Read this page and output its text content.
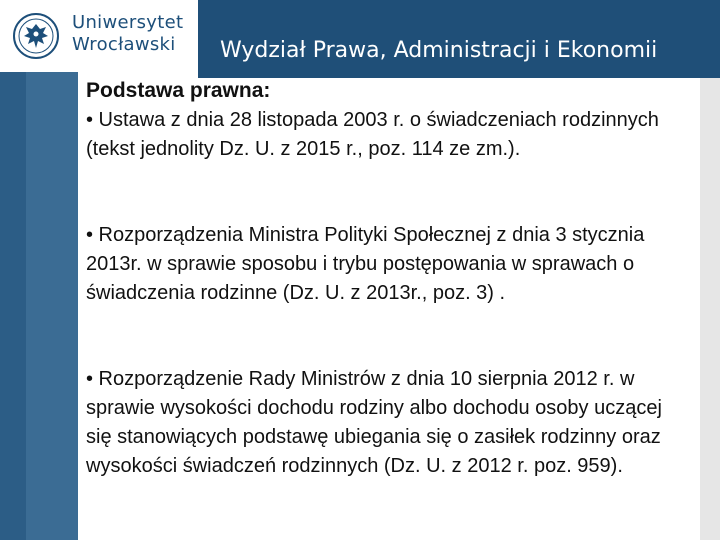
Uniwersytet
Wrocławski	Wydział Prawa, Administracji i Ekonomii
Podstawa prawna:

• Ustawa z dnia 28 listopada 2003 r. o świadczeniach rodzinnych (tekst jednolity Dz. U. z 2015 r., poz. 114 ze zm.).

• Rozporządzenia Ministra Polityki Społecznej z dnia 3 stycznia 2013r. w sprawie sposobu i trybu postępowania w sprawach o świadczenia rodzinne (Dz. U. z 2013r., poz. 3) .

• Rozporządzenie Rady Ministrów z dnia 10 sierpnia 2012 r. w sprawie wysokości dochodu rodziny albo dochodu osoby uczącej się stanowiących podstawę ubiegania się o zasiłek rodzinny oraz wysokości świadczeń rodzinnych (Dz. U. z 2012 r. poz. 959).
